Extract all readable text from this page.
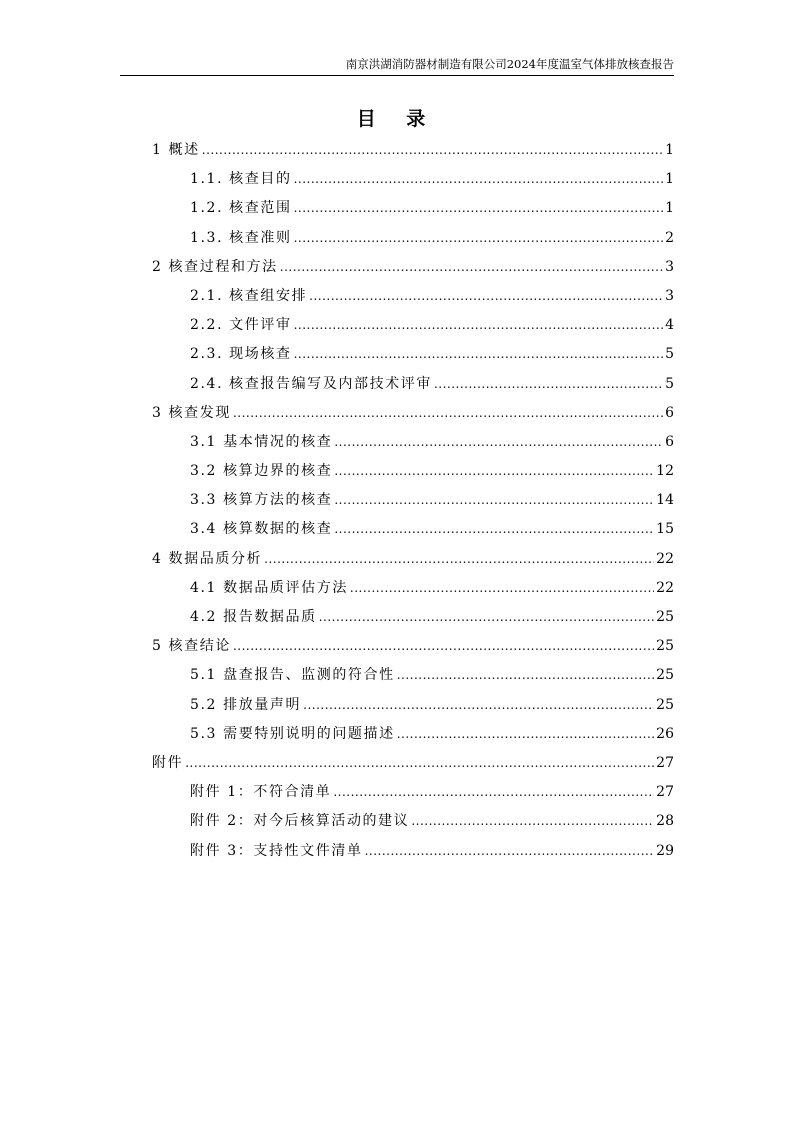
南京洪湖消防器材制造有限公司2024年度温室气体排放核查报告
目 录
1 概述 .....	1
1.1. 核查目的 .....	1
1.2. 核查范围 .....	1
1.3. 核查准则 .....	2
2 核查过程和方法 .....	3
2.1. 核查组安排 .....	3
2.2. 文件评审 .....	4
2.3. 现场核查 .....	5
2.4. 核查报告编写及内部技术评审 .....	5
3 核查发现 .....	6
3.1 基本情况的核查 .....	6
3.2 核算边界的核查 .....	12
3.3 核算方法的核查 .....	14
3.4 核算数据的核查 .....	15
4 数据品质分析 .....	22
4.1 数据品质评估方法 .....	22
4.2 报告数据品质 .....	25
5 核查结论 .....	25
5.1 盘查报告、监测的符合性 .....	25
5.2 排放量声明 .....	25
5.3 需要特别说明的问题描述 .....	26
附件 .....	27
附件 1：不符合清单 .....	27
附件 2：对今后核算活动的建议 .....	28
附件 3：支持性文件清单 .....	29
